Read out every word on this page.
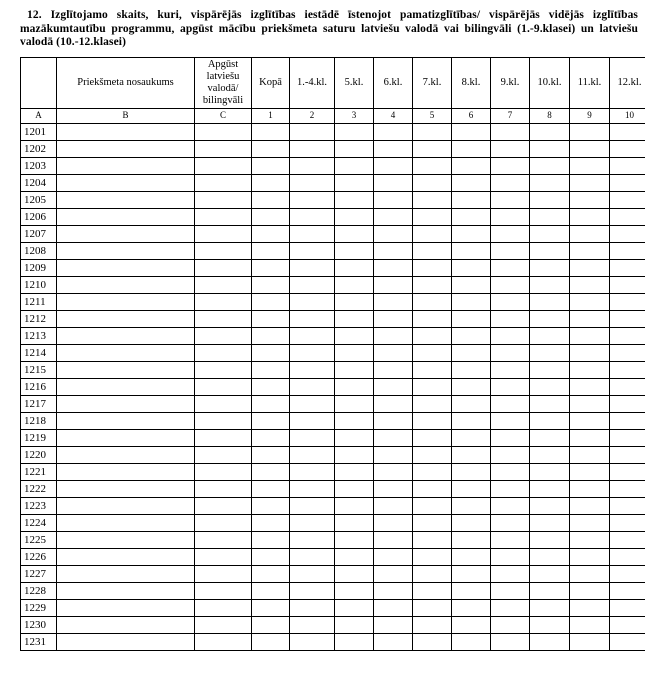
12. Izglītojamo skaits, kuri, vispārējās izglītības iestādē īstenojot pamatizglītības/ vispārējās vidējās izglītības mazākumtautību programmu, apgūst mācību priekšmeta saturu latviešu valodā vai bilingvāli (1.-9.klasei) un latviešu valodā (10.-12.klasei)

	Priekšmeta nosaukums	Apgūst latviešu valodā/ bilingvāli	Kopā	1.-4.kl.	5.kl.	6.kl.	7.kl.	8.kl.	9.kl.	10.kl.	11.kl.	12.kl.
A	B	C	1	2	3	4	5	6	7	8	9	10
1201												
1202												
1203												
1204												
1205												
1206												
1207												
1208												
1209												
1210												
1211												
1212												
1213												
1214												
1215												
1216												
1217												
1218												
1219												
1220												
1221												
1222												
1223												
1224												
1225												
1226												
1227												
1228												
1229												
1230												
1231												
